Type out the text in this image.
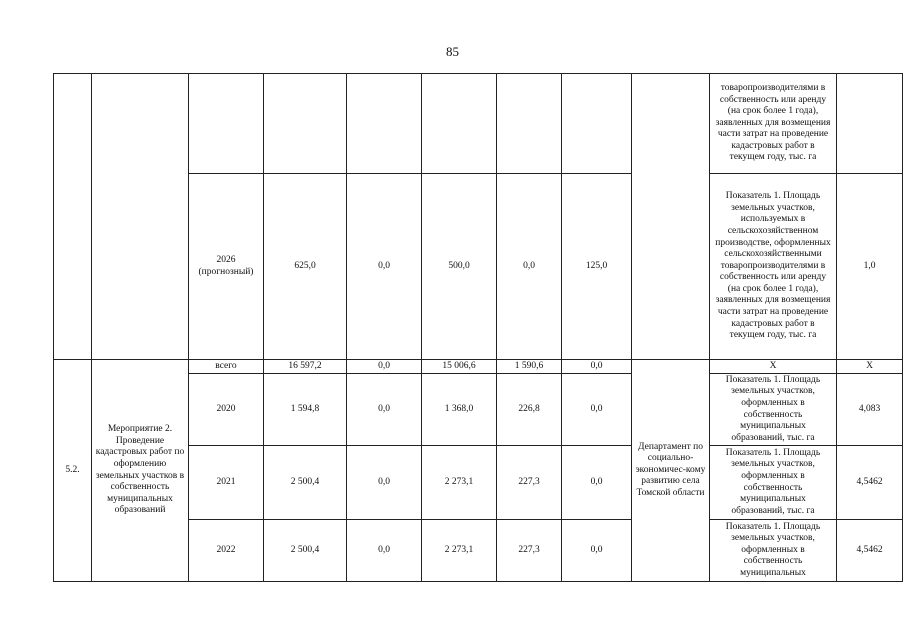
85
									товаропроизводителями в собственность или аренду (на срок более 1 года), заявленных для возмещения части затрат на проведение кадастровых работ в текущем году, тыс. га	
		2026 (прогнозный)	625,0	0,0	500,0	0,0	125,0		Показатель 1. Площадь земельных участков, используемых в сельскохозяйственном производстве, оформленных сельскохозяйственными товаропроизводителями в собственность или аренду (на срок более 1 года), заявленных для возмещения части затрат на проведение кадастровых работ в текущем году, тыс. га	1,0
5.2.	Мероприятие 2. Проведение кадастровых работ по оформлению земельных участков в собственность муниципальных образований	всего	16 597,2	0,0	15 006,6	1 590,6	0,0	Департамент по социально-экономичес-кому развитию села Томской области	Х	Х
		2020	1 594,8	0,0	1 368,0	226,8	0,0		Показатель 1. Площадь земельных участков, оформленных в собственность муниципальных образований, тыс. га	4,083
		2021	2 500,4	0,0	2 273,1	227,3	0,0		Показатель 1. Площадь земельных участков, оформленных в собственность муниципальных образований, тыс. га	4,5462
		2022	2 500,4	0,0	2 273,1	227,3	0,0		Показатель 1. Площадь земельных участков, оформленных в собственность муниципальных	4,5462
